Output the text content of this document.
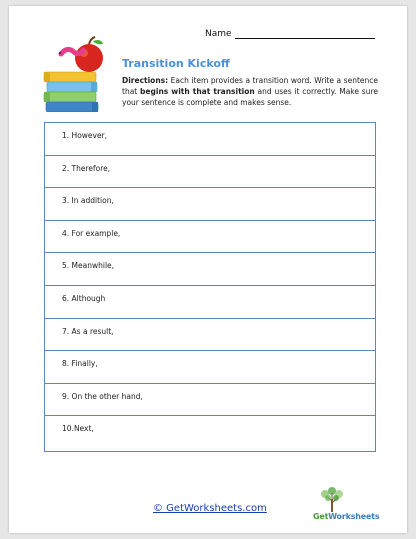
Name
Transition Kickoff
Directions: Each item provides a transition word. Write a sentence that begins with that transition and uses it correctly. Make sure your sentence is complete and makes sense.
1. However,
2. Therefore,
3. In addition,
4. For example,
5. Meanwhile,
6. Although
7. As a result,
8. Finally,
9. On the other hand,
10.Next,
© GetWorksheets.com
GetWorksheets
